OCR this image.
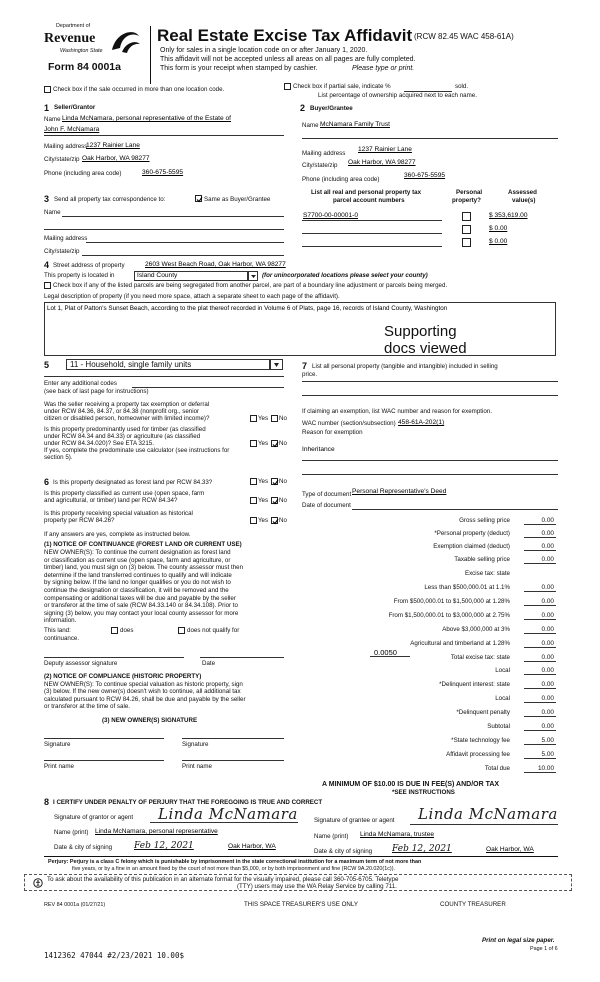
Department of
Revenue
Washington State
Form 84 0001a
Real Estate Excise Tax Affidavit (RCW 82.45 WAC 458-61A)
Only for sales in a single location code on or after January 1, 2020.
This affidavit will not be accepted unless all areas on all pages are fully completed.
This form is your receipt when stamped by cashier.	Please type or print.
Check box if the sale occurred in more than one location code.	Check box if partial sale, indicate %	sold.
List percentage of ownership acquired next to each name.
1 Seller/Grantor
Name Linda McNamara, personal representative of the Estate of
John F. McNamara
Mailing address
1237 Rainier Lane
City/state/zip Oak Harbor, WA 98277
Phone (including area code)	360-675-5595
2 Buyer/Grantee
Name McNamara Family Trust
Mailing address
1237 Rainier Lane
City/state/zip Oak Harbor, WA 98277
Phone (including area code)
360-675-5595
3 Send all property tax correspondence to:	Same as Buyer/Grantee
Name
Mailing address
City/state/zip
List all real and personal property tax
parcel account numbers
Personal
property?
Assessed
value(s)
S7700-00-00001-0	$ 353,619.00
$ 0.00
$ 0.00
4 Street address of property	2603 West Beach Road, Oak Harbor, WA 98277
This property is located in	Island County	(for unincorporated locations please select your county)
Check box if any of the listed parcels are being segregated from another parcel, are part of a boundary line adjustment or parcels being merged.
Legal description of property (if you need more space, attach a separate sheet to each page of the affidavit).
Lot 1, Plat of Patton's Sunset Beach, according to the plat thereof recorded in Volume 6 of Plats, page 16, records of Island County, Washington
Supporting
docs viewed
5	11 - Household, single family units
Enter any additional codes
(see back of last page for instructions)
Was the seller receiving a property tax exemption or deferral
under RCW 84.36, 84.37, or 84.38 (nonprofit org., senior
citizen or disabled person, homeowner with limited income)?	Yes No
Is this property predominantly used for timber (as classified
under RCW 84.34 and 84.33) or agriculture (as classified
under RCW 84.34.020)? See ETA 3215.	Yes No
If yes, complete the predominate use calculator (see instructions for
section 5).
6 Is this property designated as forest land per RCW 84.33?	Yes No
Is this property classified as current use (open space, farm
and agricultural, or timber) land per RCW 84.34?	Yes No
Is this property receiving special valuation as historical
property per RCW 84.26?	Yes No
If any answers are yes, complete as instructed below.
(1) NOTICE OF CONTINUANCE (FOREST LAND OR CURRENT USE)
NEW OWNER(S): To continue the current designation as forest land
or classification as current use (open space, farm and agriculture, or
timber) land, you must sign on (3) below. The county assessor must then
determine if the land transferred continues to qualify and will indicate
by signing below. If the land no longer qualifies or you do not wish to
continue the designation or classification, it will be removed and the
compensating or additional taxes will be due and payable by the seller
or transferor at the time of sale (RCW 84.33.140 or 84.34.108). Prior to
signing (3) below, you may contact your local county assessor for more
information.
This land:	does	does not qualify for
continuance.
Deputy assessor signature	Date
(2) NOTICE OF COMPLIANCE (HISTORIC PROPERTY)
NEW OWNER(S): To continue special valuation as historic property, sign
(3) below. If the new owner(s) doesn't wish to continue, all additional tax
calculated pursuant to RCW 84.26, shall be due and payable by the seller
or transferor at the time of sale.
(3) NEW OWNER(S) SIGNATURE
Signature	Signature
Print name	Print name
7 List all personal property (tangible and intangible) included in selling
price.
If claiming an exemption, list WAC number and reason for exemption.
WAC number (section/subsection) 458-61A-202(1)
Reason for exemption
Inheritance
Type of document Personal Representative's Deed
Date of document
Gross selling price	0.00
*Personal property (deduct)	0.00
Exemption claimed (deduct)	0.00
Taxable selling price	0.00
Excise tax: state
Less than $500,000.01 at 1.1%	0.00
From $500,000.01 to $1,500,000 at 1.28%	0.00
From $1,500,000.01 to $3,000,000 at 2.75%	0.00
Above $3,000,000 at 3%	0.00
Agricultural and timberland at 1.28%	0.00
Total excise tax: state	0.00
Local	0.00
*Delinquent interest: state	0.00
Local	0.00
*Delinquent penalty	0.00
Subtotal	0.00
*State technology fee	5.00
Affidavit processing fee	5.00
Total due	10.00
0.0050
A MINIMUM OF $10.00 IS DUE IN FEE(S) AND/OR TAX
*SEE INSTRUCTIONS
8 I CERTIFY UNDER PENALTY OF PERJURY THAT THE FOREGOING IS TRUE AND CORRECT
Signature of grantor or agent Linda McNamara
Name (print) Linda McNamara, personal representative
Date & city of signing Feb 12, 2021	Oak Harbor, WA
Signature of grantee or agent Linda McNamara
Name (print) Linda McNamara, trustee
Date & city of signing Feb 12, 2021	Oak Harbor, WA
Perjury: Perjury is a class C felony which is punishable by imprisonment in the state correctional institution for a maximum term of not more than
five years, or by a fine in an amount fixed by the court of not more than $5,000, or by both imprisonment and fine (RCW 9A.20.020(1c)).
To ask about the availability of this publication in an alternate format for the visually impaired, please call 360-705-6705. Teletype
(TTY) users may use the WA Relay Service by calling 711.
REV 84 0001a (01/27/21)	THIS SPACE TREASURER'S USE ONLY	COUNTY TREASURER
Print on legal size paper.
Page 1 of 6
1412362 47044 #2/23/2021 10.00$
